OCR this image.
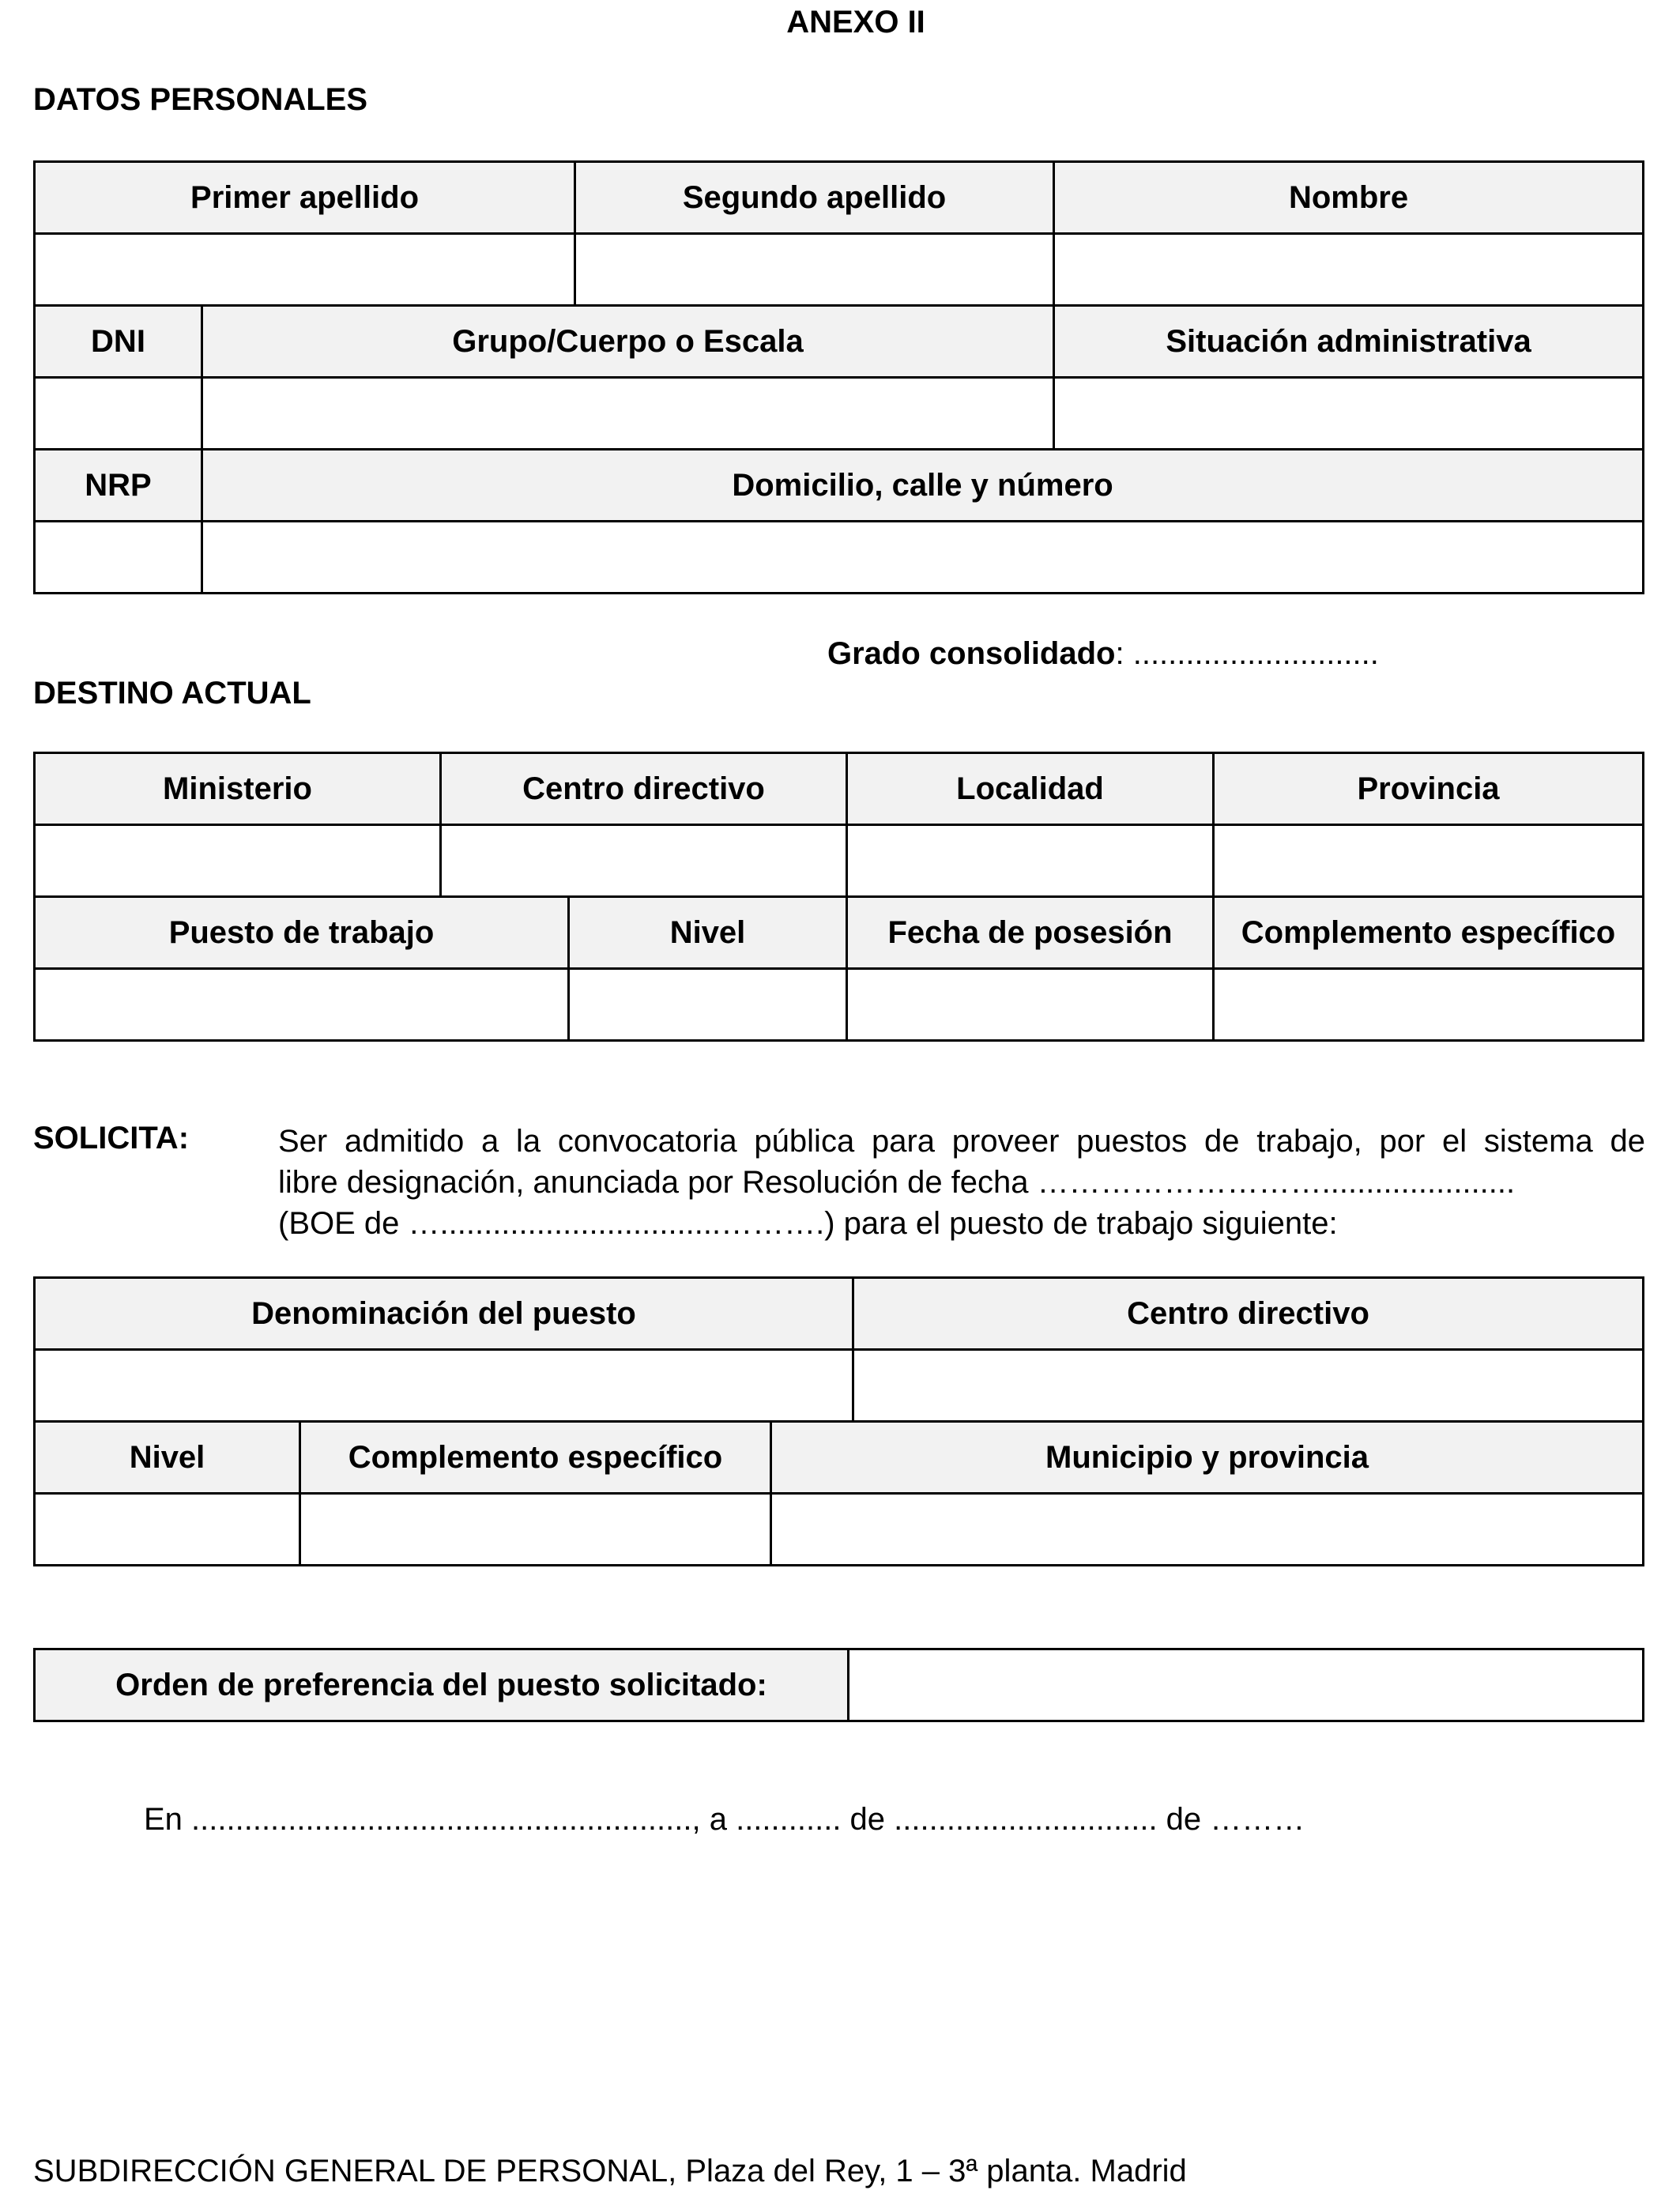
ANEXO II
DATOS PERSONALES
Primer apellido		Segundo apellido	Nombre

DNI	Grupo/Cuerpo o Escala		Situación administrativa

NRP	Domicilio, calle y número		

Grado consolidado: ............................
DESTINO ACTUAL
Ministerio	Centro directivo		Localidad	Provincia

Puesto de trabajo		Nivel	Fecha de posesión	Complemento específico

SOLICITA:	Ser admitido a la convocatoria pública para proveer puestos de trabajo, por el sistema de
libre designación, anunciada por Resolución de fecha ………………………......................
(BOE de …................................……….) para el puesto de trabajo siguiente:
Denominación del puesto			Centro directivo

Nivel	Complemento específico	Municipio y provincia	

Orden de preferencia del puesto solicitado:	
En ........................................................., a ............ de .............................. de ………
SUBDIRECCIÓN GENERAL DE PERSONAL, Plaza del Rey, 1 – 3ª planta. Madrid
